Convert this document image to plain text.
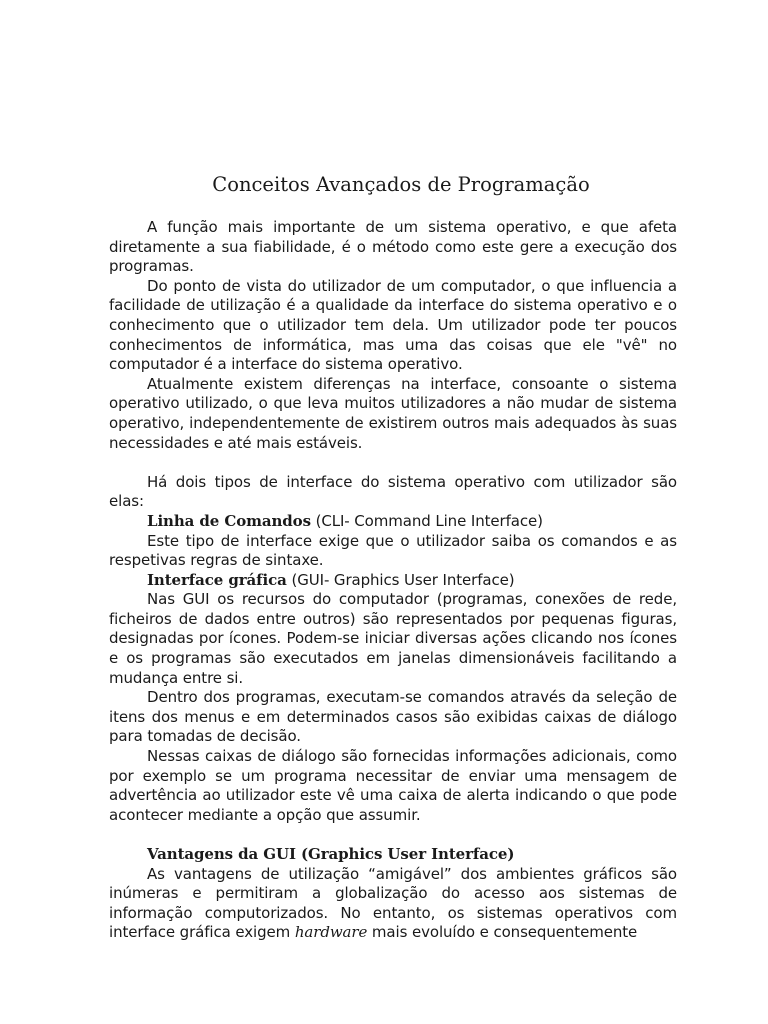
Conceitos Avançados de Programação

A função mais importante de um sistema operativo, e que afeta diretamente a sua fiabilidade, é o método como este gere a execução dos programas.

Do ponto de vista do utilizador de um computador, o que influencia a facilidade de utilização é a qualidade da interface do sistema operativo e o conhecimento que o utilizador tem dela. Um utilizador pode ter poucos conhecimentos de informática, mas uma das coisas que ele "vê" no computador é a interface do sistema operativo.

Atualmente existem diferenças na interface, consoante o sistema operativo utilizado, o que leva muitos utilizadores a não mudar de sistema operativo, independentemente de existirem outros mais adequados às suas necessidades e até mais estáveis.

Há dois tipos de interface do sistema operativo com utilizador são elas:

Linha de Comandos (CLI- Command Line Interface)

Este tipo de interface exige que o utilizador saiba os comandos e as respetivas regras de sintaxe.

Interface gráfica (GUI- Graphics User Interface)

Nas GUI os recursos do computador (programas, conexões de rede, ficheiros de dados entre outros) são representados por pequenas figuras, designadas por ícones. Podem-se iniciar diversas ações clicando nos ícones e os programas são executados em janelas dimensionáveis facilitando a mudança entre si.

Dentro dos programas, executam-se comandos através da seleção de itens dos menus e em determinados casos são exibidas caixas de diálogo para tomadas de decisão.

Nessas caixas de diálogo são fornecidas informações adicionais, como por exemplo se um programa necessitar de enviar uma mensagem de advertência ao utilizador este vê uma caixa de alerta indicando o que pode acontecer mediante a opção que assumir.

Vantagens da GUI (Graphics User Interface)

As vantagens de utilização “amigável” dos ambientes gráficos são inúmeras e permitiram a globalização do acesso aos sistemas de informação computorizados. No entanto, os sistemas operativos com interface gráfica exigem hardware mais evoluído e consequentemente
